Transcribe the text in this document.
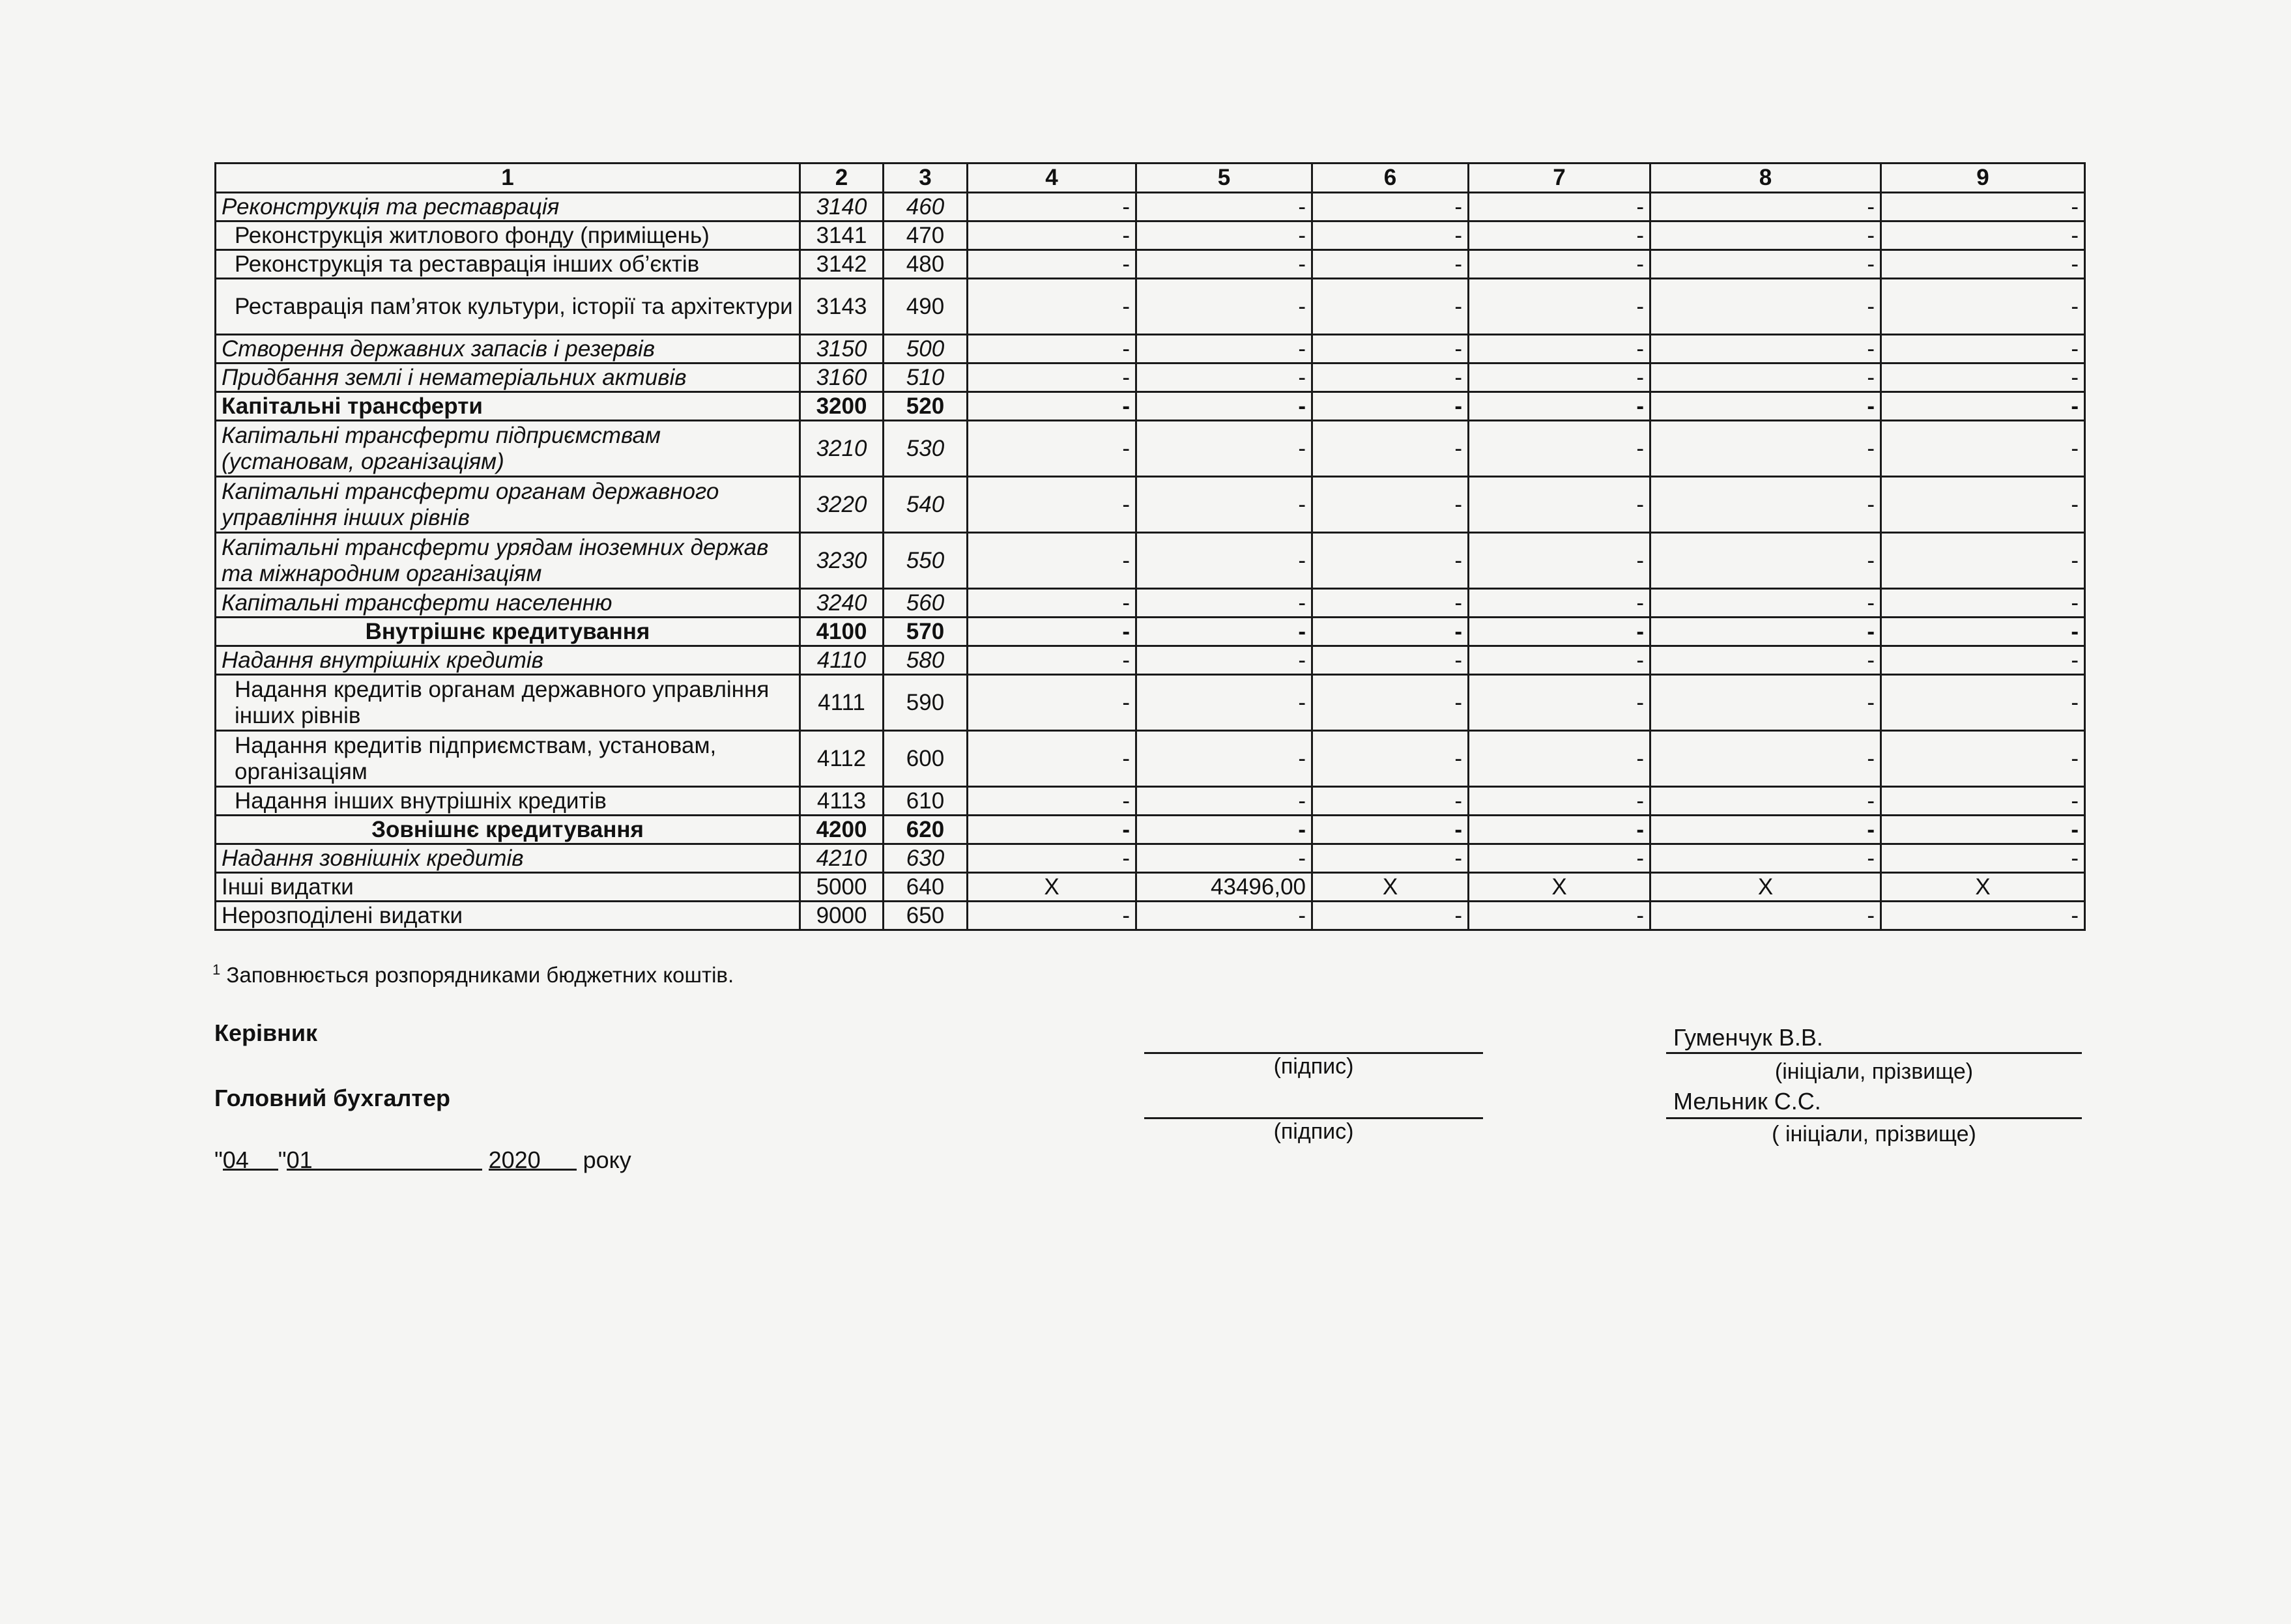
1	2	3	4	5	6	7	8	9
Реконструкція та реставрація	3140	460	-	-	-	-	-	-
Реконструкція житлового фонду (приміщень)	3141	470	-	-	-	-	-	-
Реконструкція та реставрація інших об’єктів	3142	480	-	-	-	-	-	-
Реставрація пам’яток культури, історії та архітектури	3143	490	-	-	-	-	-	-
Створення державних запасів і резервів	3150	500	-	-	-	-	-	-
Придбання землі і нематеріальних активів	3160	510	-	-	-	-	-	-
Капітальні трансферти	3200	520	-	-	-	-	-	-
Капітальні трансферти підприємствам (установам, організаціям)	3210	530	-	-	-	-	-	-
Капітальні трансферти органам державного управління інших рівнів	3220	540	-	-	-	-	-	-
Капітальні трансферти урядам іноземних держав та міжнародним організаціям	3230	550	-	-	-	-	-	-
Капітальні трансферти населенню	3240	560	-	-	-	-	-	-
Внутрішнє кредитування	4100	570	-	-	-	-	-	-
Надання внутрішніх кредитів	4110	580	-	-	-	-	-	-
Надання кредитів органам державного управління інших рівнів	4111	590	-	-	-	-	-	-
Надання кредитів підприємствам, установам, організаціям	4112	600	-	-	-	-	-	-
Надання інших внутрішніх кредитів	4113	610	-	-	-	-	-	-
Зовнішнє кредитування	4200	620	-	-	-	-	-	-
Надання зовнішніх кредитів	4210	630	-	-	-	-	-	-
Інші видатки	5000	640	X	43496,00	X	X	X	X
Нерозподілені видатки	9000	650	-	-	-	-	-	-
$^1$ Заповнюється розпорядниками бюджетних коштів.
Керівник
(підпис)
Гуменчук В.В.
(ініціали, прізвище)
Головний бухгалтер
(підпис)
Мельник С.С.
( ініціали, прізвище)
"04 "01	2020 року
